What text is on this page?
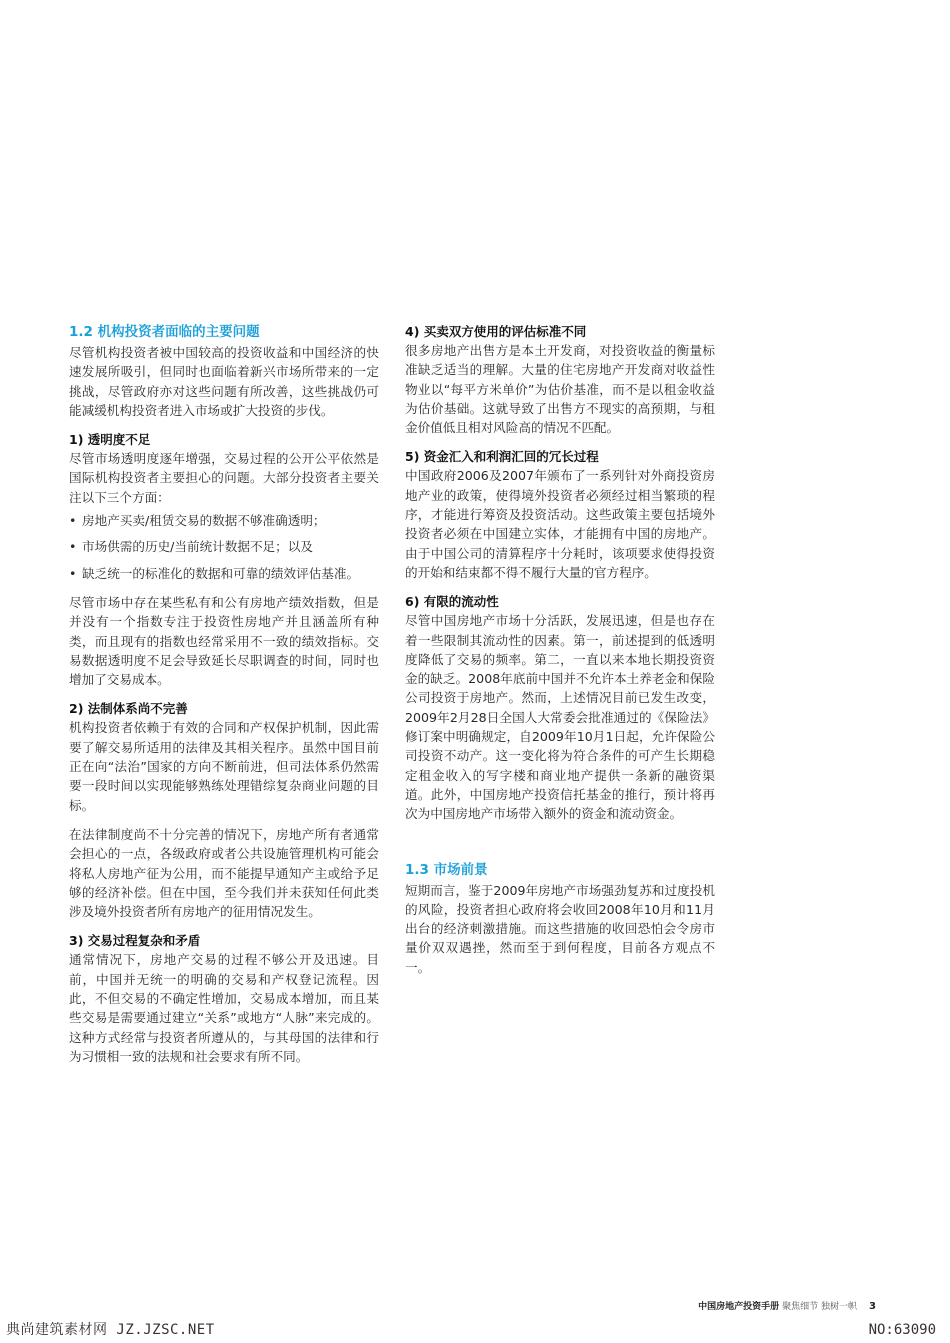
1.2 机构投资者面临的主要问题

尽管机构投资者被中国较高的投资收益和中国经济的快速发展所吸引，但同时也面临着新兴市场所带来的一定挑战，尽管政府亦对这些问题有所改善，这些挑战仍可能减缓机构投资者进入市场或扩大投资的步伐。

1) 透明度不足

尽管市场透明度逐年增强，交易过程的公开公平依然是国际机构投资者主要担心的问题。大部分投资者主要关注以下三个方面：

• 房地产买卖/租赁交易的数据不够准确透明；
• 市场供需的历史/当前统计数据不足；以及
• 缺乏统一的标准化的数据和可靠的绩效评估基准。

尽管市场中存在某些私有和公有房地产绩效指数，但是并没有一个指数专注于投资性房地产并且涵盖所有种类，而且现有的指数也经常采用不一致的绩效指标。交易数据透明度不足会导致延长尽职调查的时间，同时也增加了交易成本。

2) 法制体系尚不完善

机构投资者依赖于有效的合同和产权保护机制，因此需要了解交易所适用的法律及其相关程序。虽然中国目前正在向“法治”国家的方向不断前进，但司法体系仍然需要一段时间以实现能够熟练处理错综复杂商业问题的目标。

在法律制度尚不十分完善的情况下，房地产所有者通常会担心的一点，各级政府或者公共设施管理机构可能会将私人房地产征为公用，而不能提早通知产主或给予足够的经济补偿。但在中国，至今我们并未获知任何此类涉及境外投资者所有房地产的征用情况发生。

3) 交易过程复杂和矛盾

通常情况下，房地产交易的过程不够公开及迅速。目前，中国并无统一的明确的交易和产权登记流程。因此，不但交易的不确定性增加，交易成本增加，而且某些交易是需要通过建立“关系”或地方“人脉”来完成的。这种方式经常与投资者所遵从的，与其母国的法律和行为习惯相一致的法规和社会要求有所不同。

4) 买卖双方使用的评估标准不同

很多房地产出售方是本土开发商，对投资收益的衡量标准缺乏适当的理解。大量的住宅房地产开发商对收益性物业以“每平方米单价”为估价基准，而不是以租金收益为估价基础。这就导致了出售方不现实的高预期，与租金价值低且相对风险高的情况不匹配。

5) 资金汇入和利润汇回的冗长过程

中国政府2006及2007年颁布了一系列针对外商投资房地产业的政策，使得境外投资者必须经过相当繁琐的程序，才能进行筹资及投资活动。这些政策主要包括境外投资者必须在中国建立实体，才能拥有中国的房地产。由于中国公司的清算程序十分耗时，该项要求使得投资的开始和结束都不得不履行大量的官方程序。

6) 有限的流动性

尽管中国房地产市场十分活跃，发展迅速，但是也存在着一些限制其流动性的因素。第一，前述提到的低透明度降低了交易的频率。第二，一直以来本地长期投资资金的缺乏。2008年底前中国并不允许本土养老金和保险公司投资于房地产。然而，上述情况目前已发生改变，2009年2月28日全国人大常委会批准通过的《保险法》修订案中明确规定，自2009年10月1日起，允许保险公司投资不动产。这一变化将为符合条件的可产生长期稳定租金收入的写字楼和商业地产提供一条新的融资渠道。此外，中国房地产投资信托基金的推行，预计将再次为中国房地产市场带入额外的资金和流动资金。

1.3 市场前景

短期而言，鉴于2009年房地产市场强劲复苏和过度投机的风险，投资者担心政府将会收回2008年10月和11月出台的经济刺激措施。而这些措施的收回恐怕会令房市量价双双遇挫，然而至于到何程度，目前各方观点不一。

中国房地产投资手册 聚焦细节 独树一帜 3
典尚建筑素材网 JZ.JZSC.NET	NO:63090
